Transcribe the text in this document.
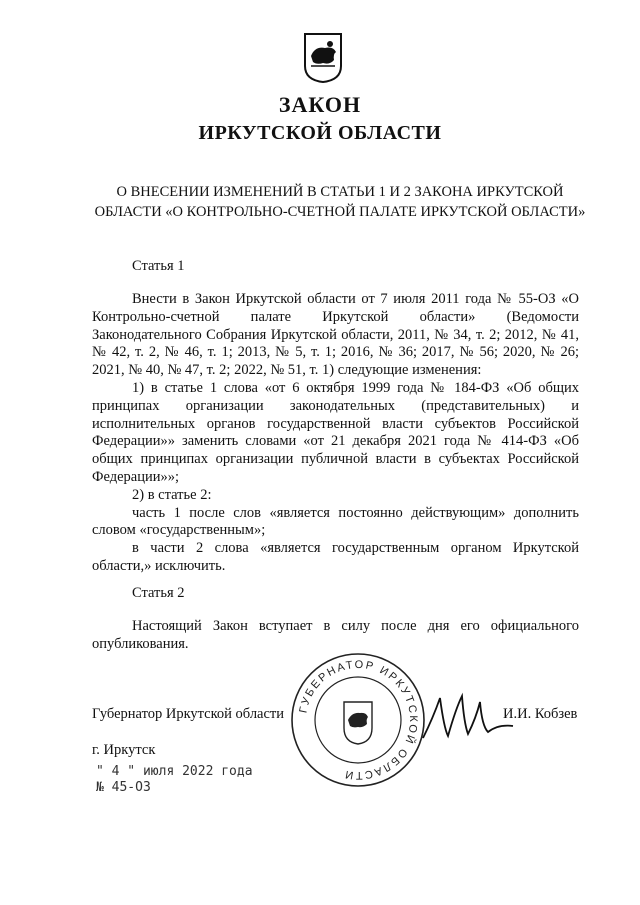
ЗАКОН
ИРКУТСКОЙ ОБЛАСТИ
О ВНЕСЕНИИ ИЗМЕНЕНИЙ В СТАТЬИ 1 И 2 ЗАКОНА ИРКУТСКОЙ ОБЛАСТИ «О КОНТРОЛЬНО-СЧЕТНОЙ ПАЛАТЕ ИРКУТСКОЙ ОБЛАСТИ»
Статья 1

Внести в Закон Иркутской области от 7 июля 2011 года № 55-ОЗ «О Контрольно-счетной палате Иркутской области» (Ведомости Законодательного Собрания Иркутской области, 2011, № 34, т. 2; 2012, № 41, № 42, т. 2, № 46, т. 1; 2013, № 5, т. 1; 2016, № 36; 2017, № 56; 2020, № 26; 2021, № 40, № 47, т. 2; 2022, № 51, т. 1) следующие изменения:

1) в статье 1 слова «от 6 октября 1999 года № 184-ФЗ «Об общих принципах организации законодательных (представительных) и исполнительных органов государственной власти субъектов Российской Федерации»» заменить словами «от 21 декабря 2021 года № 414-ФЗ «Об общих принципах организации публичной власти в субъектах Российской Федерации»»;

2) в статье 2:

часть 1 после слов «является постоянно действующим» дополнить словом «государственным»;

в части 2 слова «является государственным органом Иркутской области,» исключить.

Статья 2

Настоящий Закон вступает в силу после дня его официального опубликования.

ГУБЕРНАТОР ИРКУТСКОЙ ОБЛАСТИ
Губернатор Иркутской области	И.И. Кобзев
г. Иркутск
" 4 " июля 2022 года
№ 45-ОЗ
